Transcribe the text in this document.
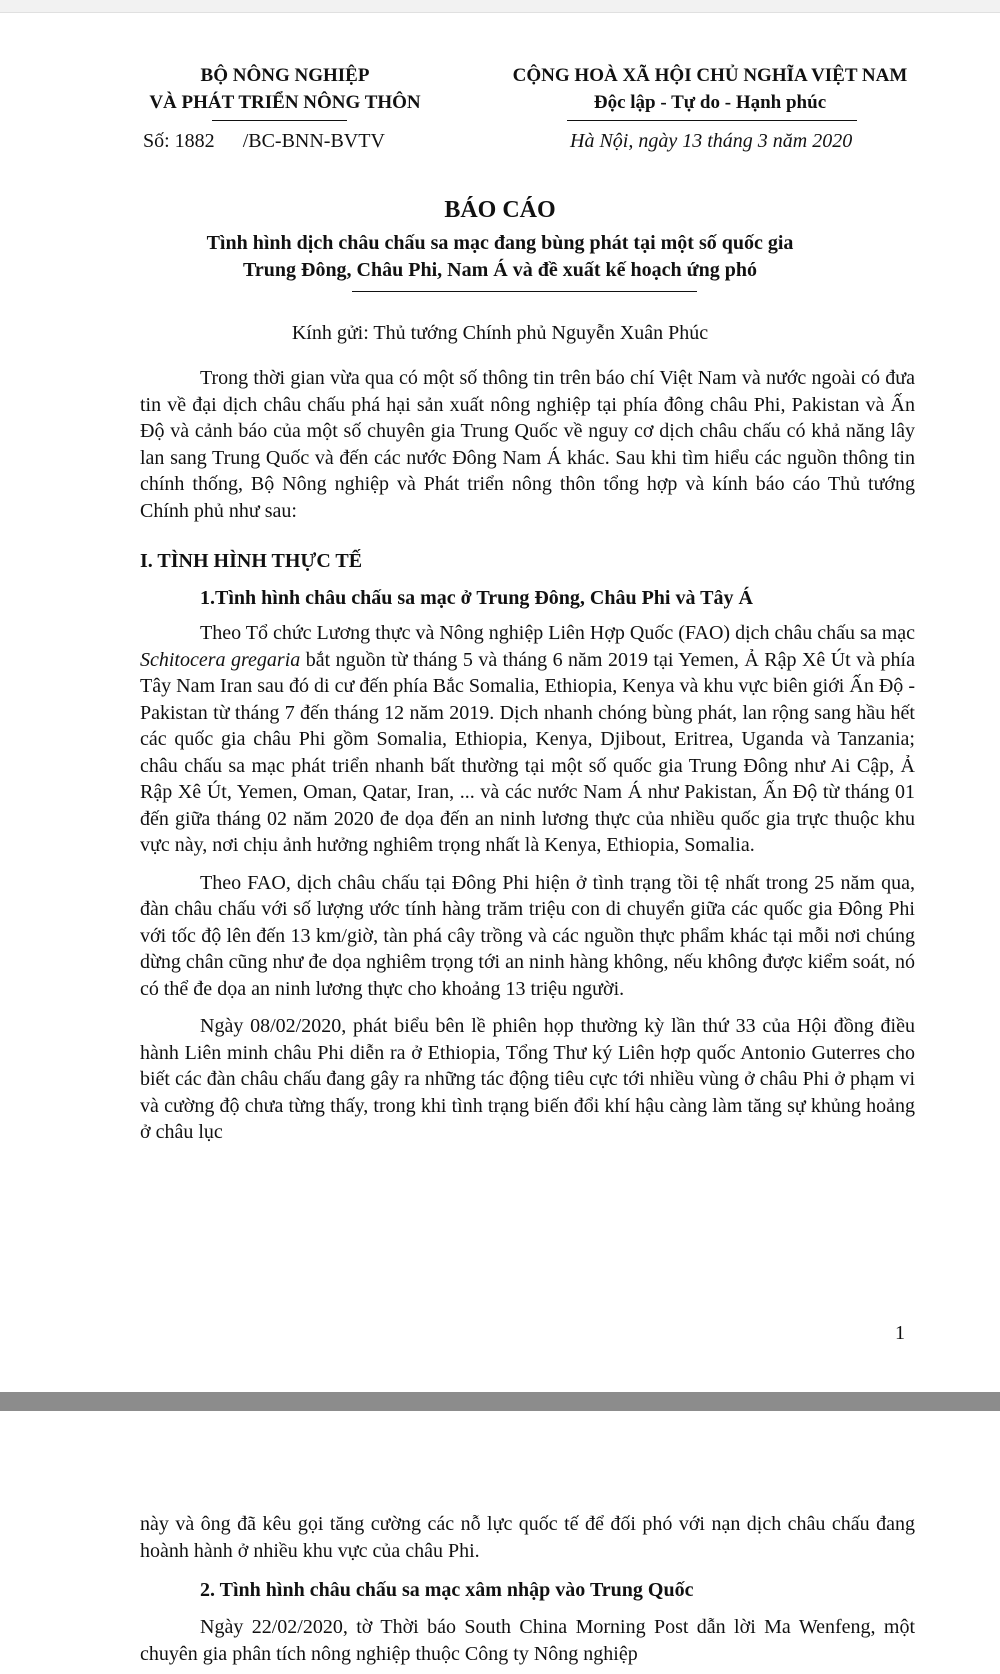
BỘ NÔNG NGHIỆP
VÀ PHÁT TRIỂN NÔNG THÔN
CỘNG HOÀ XÃ HỘI CHỦ NGHĨA VIỆT NAM
Độc lập - Tự do - Hạnh phúc
Số: 1882 /BC-BNN-BVTV	Hà Nội, ngày 13 tháng 3 năm 2020
BÁO CÁO
Tình hình dịch châu chấu sa mạc đang bùng phát tại một số quốc gia
Trung Đông, Châu Phi, Nam Á và đề xuất kế hoạch ứng phó
Kính gửi: Thủ tướng Chính phủ Nguyễn Xuân Phúc

Trong thời gian vừa qua có một số thông tin trên báo chí Việt Nam và nước ngoài có đưa tin về đại dịch châu chấu phá hại sản xuất nông nghiệp tại phía đông châu Phi, Pakistan và Ấn Độ và cảnh báo của một số chuyên gia Trung Quốc về nguy cơ dịch châu chấu có khả năng lây lan sang Trung Quốc và đến các nước Đông Nam Á khác. Sau khi tìm hiểu các nguồn thông tin chính thống, Bộ Nông nghiệp và Phát triển nông thôn tổng hợp và kính báo cáo Thủ tướng Chính phủ như sau:

I. TÌNH HÌNH THỰC TẾ
1.Tình hình châu chấu sa mạc ở Trung Đông, Châu Phi và Tây Á

Theo Tổ chức Lương thực và Nông nghiệp Liên Hợp Quốc (FAO) dịch châu chấu sa mạc Schitocera gregaria bắt nguồn từ tháng 5 và tháng 6 năm 2019 tại Yemen, Ả Rập Xê Út và phía Tây Nam Iran sau đó di cư đến phía Bắc Somalia, Ethiopia, Kenya và khu vực biên giới Ấn Độ - Pakistan từ tháng 7 đến tháng 12 năm 2019. Dịch nhanh chóng bùng phát, lan rộng sang hầu hết các quốc gia châu Phi gồm Somalia, Ethiopia, Kenya, Djibout, Eritrea, Uganda và Tanzania; châu chấu sa mạc phát triển nhanh bất thường tại một số quốc gia Trung Đông như Ai Cập, Ả Rập Xê Út, Yemen, Oman, Qatar, Iran, ... và các nước Nam Á như Pakistan, Ấn Độ từ tháng 01 đến giữa tháng 02 năm 2020 đe dọa đến an ninh lương thực của nhiều quốc gia trực thuộc khu vực này, nơi chịu ảnh hưởng nghiêm trọng nhất là Kenya, Ethiopia, Somalia.

Theo FAO, dịch châu chấu tại Đông Phi hiện ở tình trạng tồi tệ nhất trong 25 năm qua, đàn châu chấu với số lượng ước tính hàng trăm triệu con di chuyển giữa các quốc gia Đông Phi với tốc độ lên đến 13 km/giờ, tàn phá cây trồng và các nguồn thực phẩm khác tại mỗi nơi chúng dừng chân cũng như đe dọa nghiêm trọng tới an ninh hàng không, nếu không được kiểm soát, nó có thể đe dọa an ninh lương thực cho khoảng 13 triệu người.

Ngày 08/02/2020, phát biểu bên lề phiên họp thường kỳ lần thứ 33 của Hội đồng điều hành Liên minh châu Phi diễn ra ở Ethiopia, Tổng Thư ký Liên hợp quốc Antonio Guterres cho biết các đàn châu chấu đang gây ra những tác động tiêu cực tới nhiều vùng ở châu Phi ở phạm vi và cường độ chưa từng thấy, trong khi tình trạng biến đổi khí hậu càng làm tăng sự khủng hoảng ở châu lục

1

này và ông đã kêu gọi tăng cường các nỗ lực quốc tế để đối phó với nạn dịch châu chấu đang hoành hành ở nhiều khu vực của châu Phi.

2. Tình hình châu chấu sa mạc xâm nhập vào Trung Quốc

Ngày 22/02/2020, tờ Thời báo South China Morning Post dẫn lời Ma Wenfeng, một chuyên gia phân tích nông nghiệp thuộc Công ty Nông nghiệp
